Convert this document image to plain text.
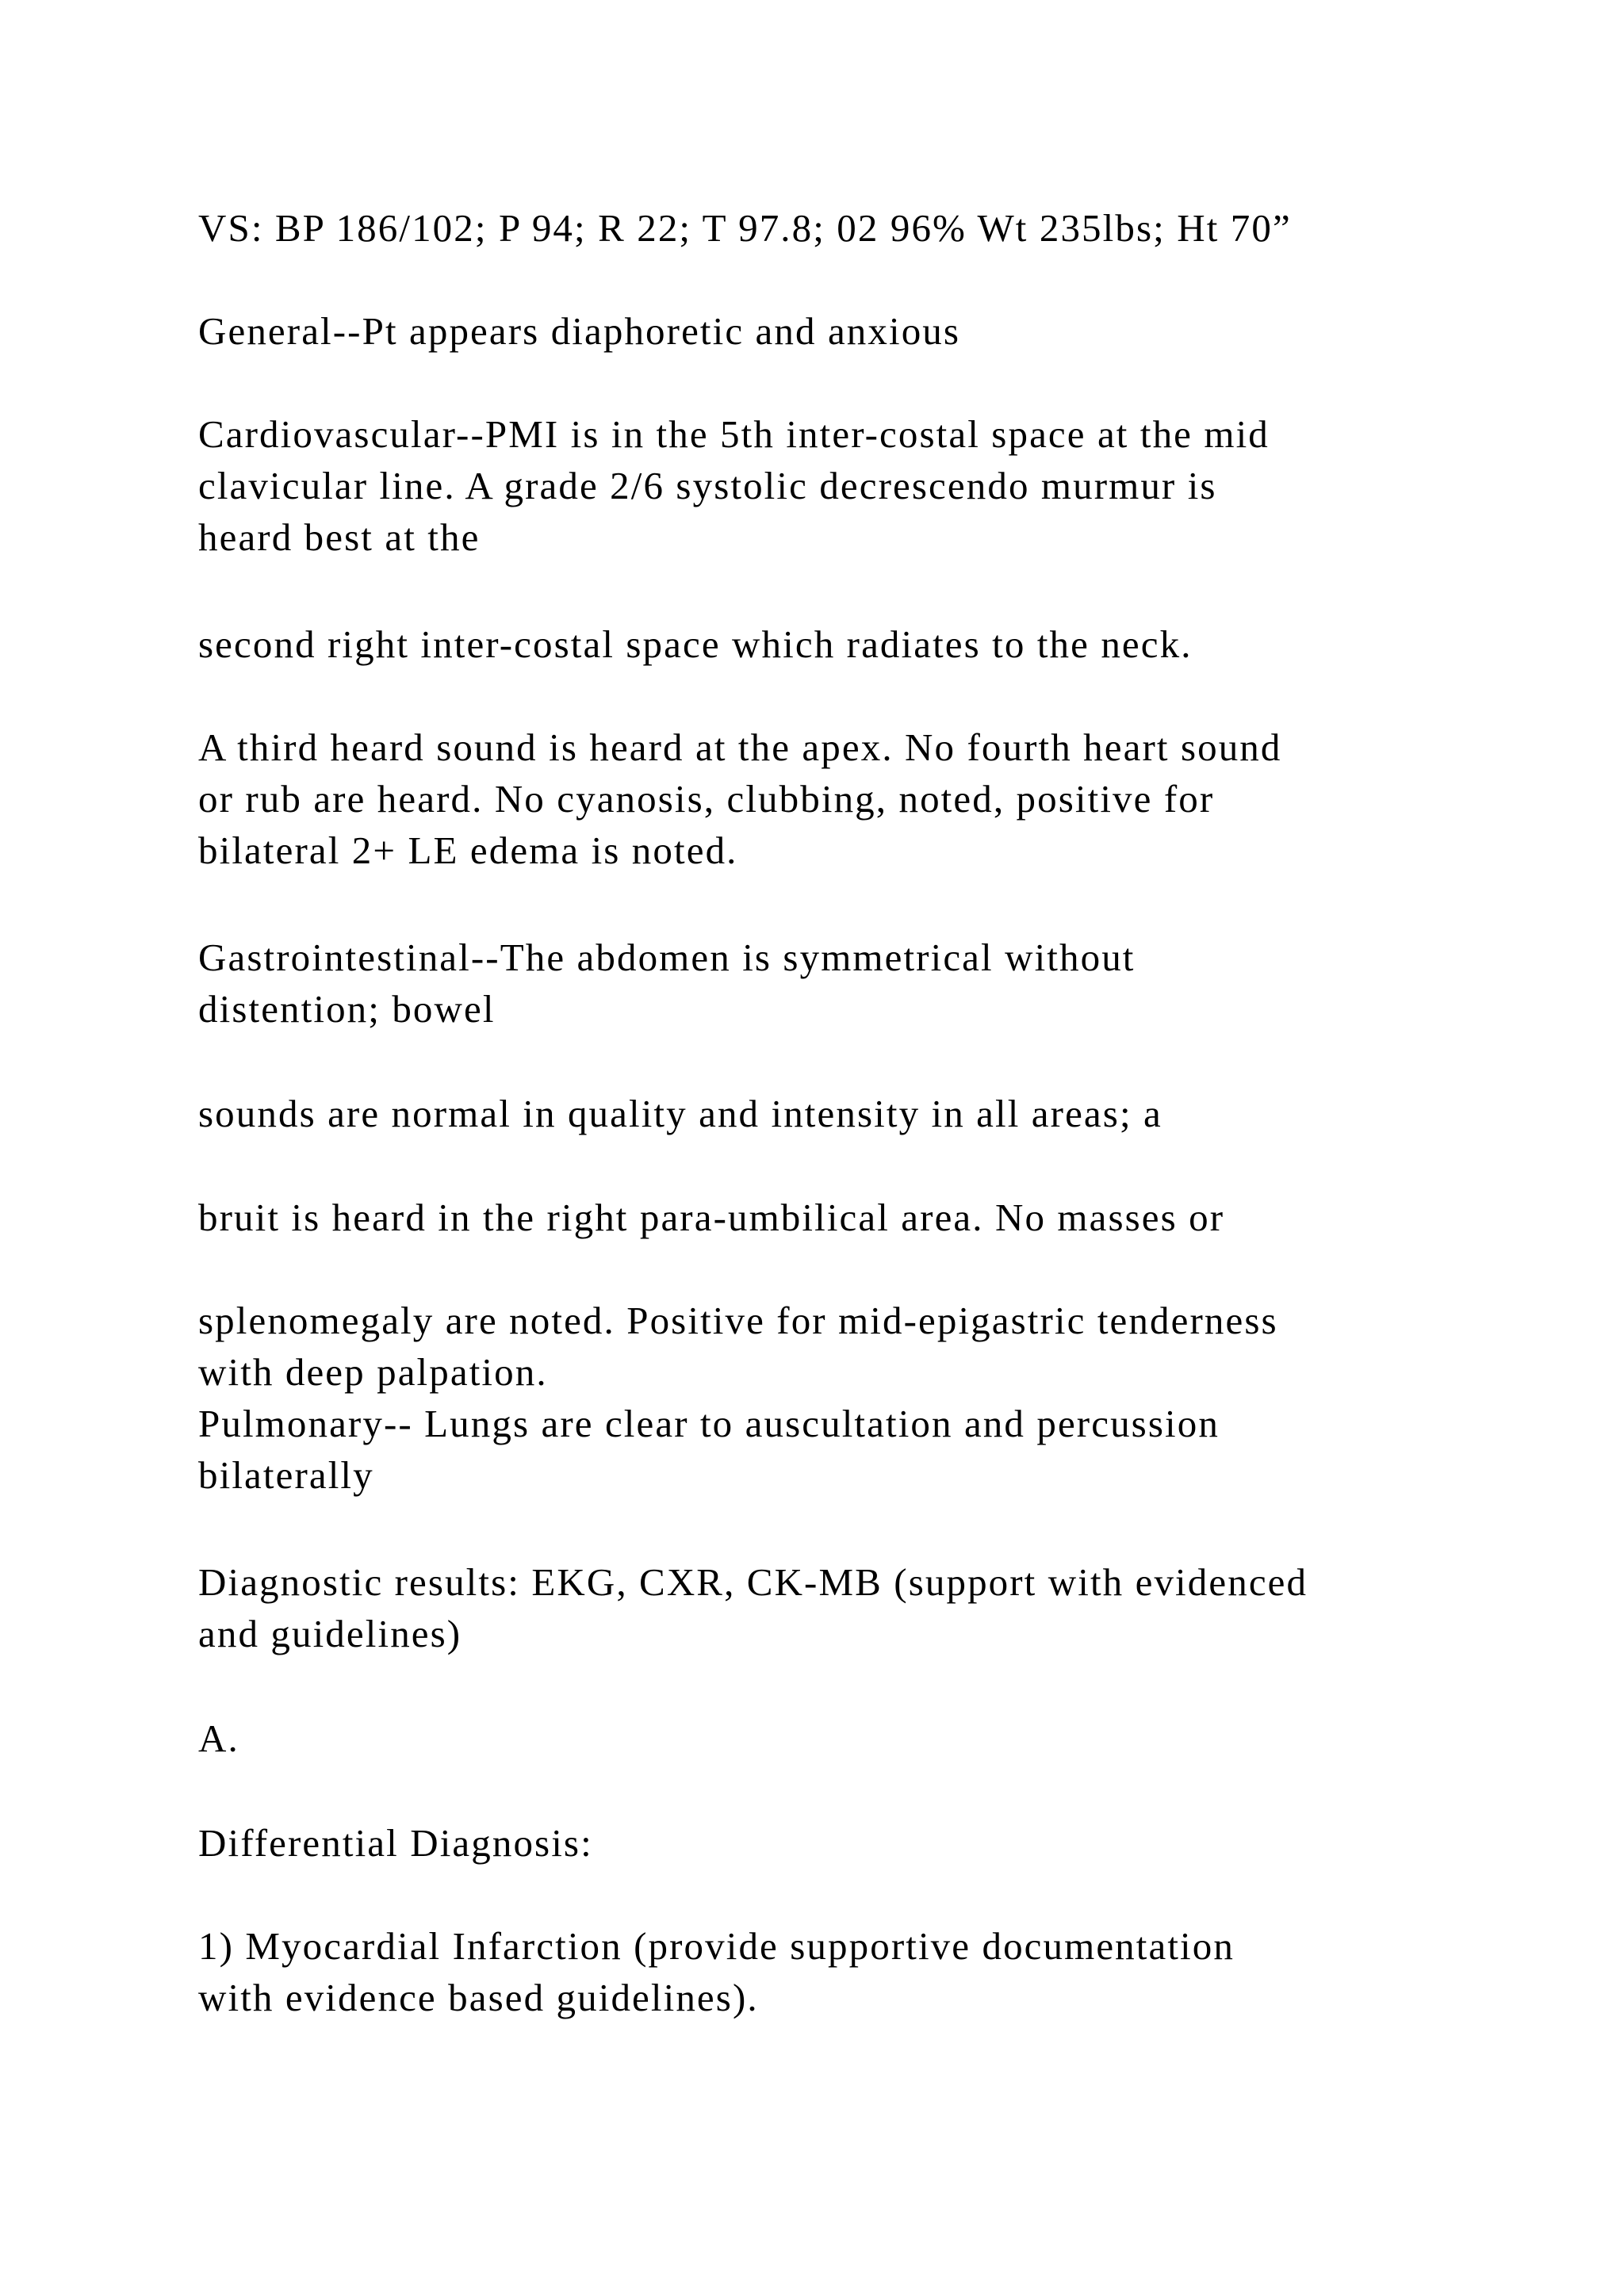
VS: BP 186/102; P 94; R 22; T 97.8; 02 96% Wt 235lbs; Ht 70”

General--Pt appears diaphoretic and anxious

Cardiovascular--PMI is in the 5th inter-costal space at the mid
clavicular line. A grade 2/6 systolic decrescendo murmur is
heard best at the

second right inter-costal space which radiates to the neck.

A third heard sound is heard at the apex. No fourth heart sound
or rub are heard. No cyanosis, clubbing, noted, positive for
bilateral 2+ LE edema is noted.

Gastrointestinal--The abdomen is symmetrical without
distention; bowel

sounds are normal in quality and intensity in all areas; a

bruit is heard in the right para-umbilical area. No masses or

splenomegaly are noted. Positive for mid-epigastric tenderness
with deep palpation.
Pulmonary-- Lungs are clear to auscultation and percussion
bilaterally

Diagnostic results: EKG, CXR, CK-MB (support with evidenced
and guidelines)

A.

Differential Diagnosis:

1) Myocardial Infarction (provide supportive documentation
with evidence based guidelines).
